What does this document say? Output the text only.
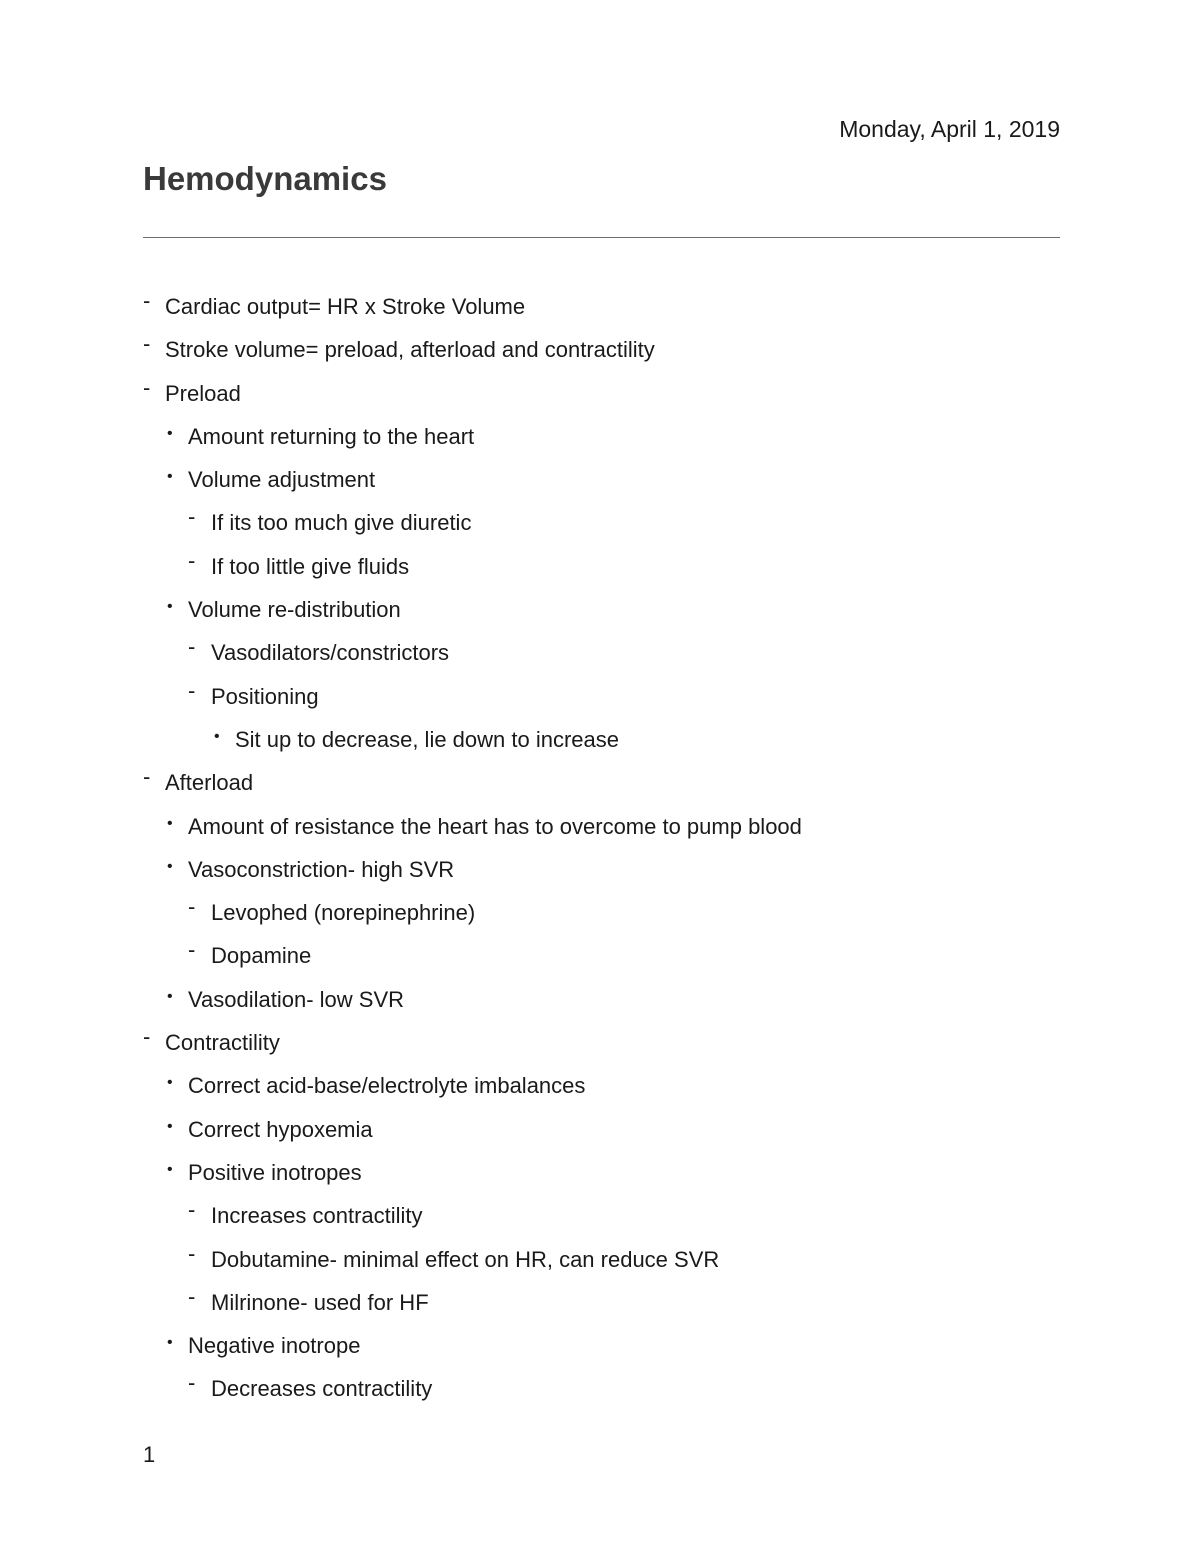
Monday, April 1, 2019
Hemodynamics
- Cardiac output= HR x Stroke Volume
- Stroke volume= preload, afterload and contractility
- Preload
• Amount returning to the heart
• Volume adjustment
- If its too much give diuretic
- If too little give fluids
• Volume re-distribution
- Vasodilators/constrictors
- Positioning
• Sit up to decrease, lie down to increase
- Afterload
• Amount of resistance the heart has to overcome to pump blood
• Vasoconstriction- high SVR
- Levophed (norepinephrine)
- Dopamine
• Vasodilation- low SVR
- Contractility
• Correct acid-base/electrolyte imbalances
• Correct hypoxemia
• Positive inotropes
- Increases contractility
- Dobutamine- minimal effect on HR, can reduce SVR
- Milrinone- used for HF
• Negative inotrope
- Decreases contractility
1
